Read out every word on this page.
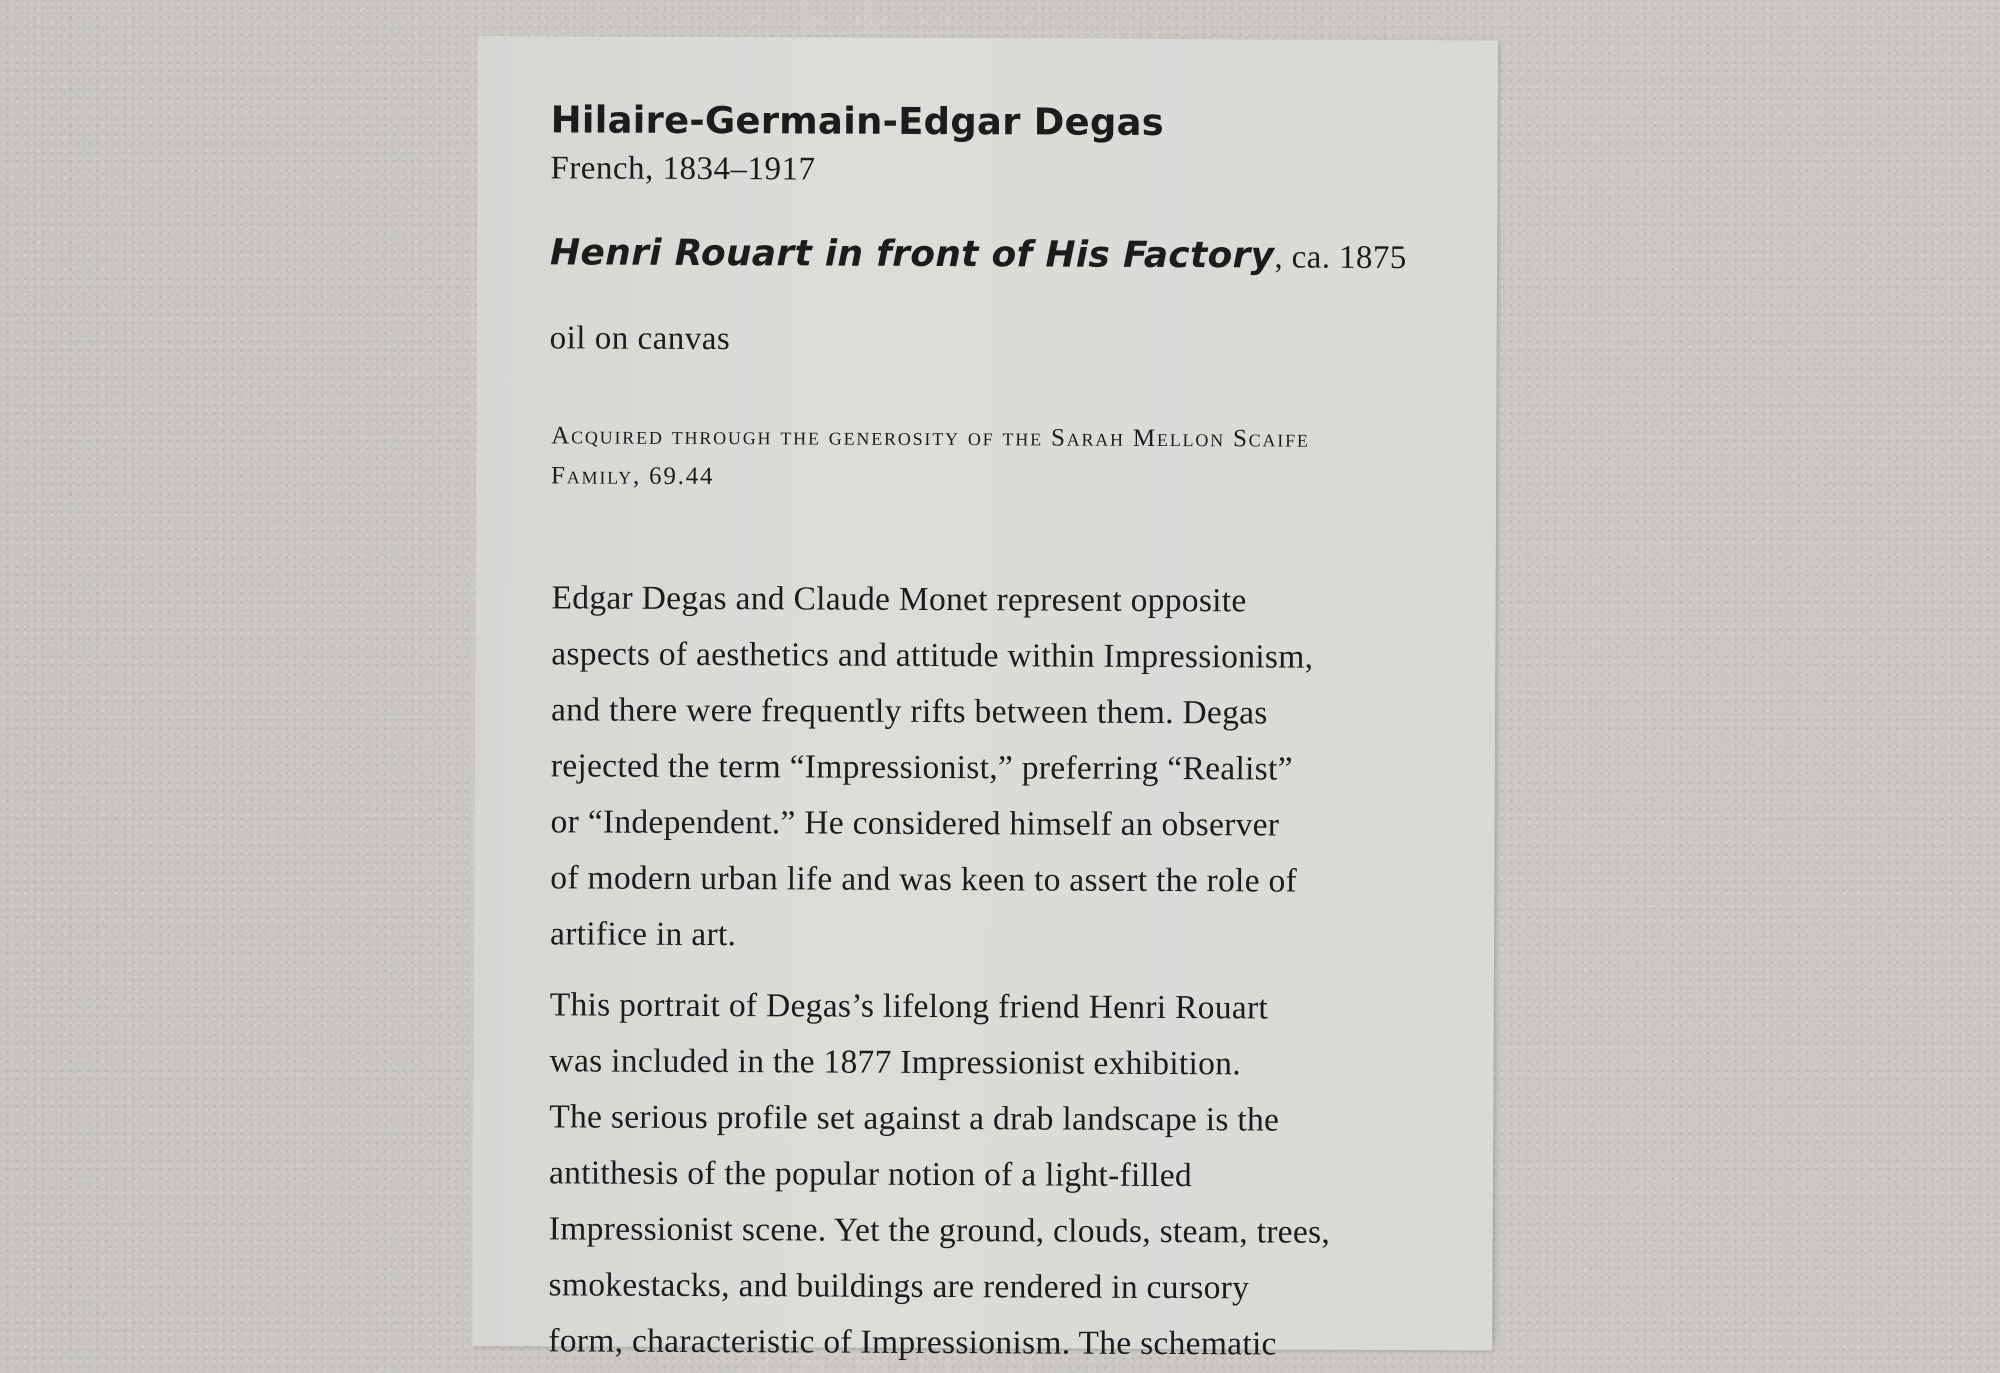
Hilaire-Germain-Edgar Degas
French, 1834–1917
Henri Rouart in front of His Factory, ca. 1875
oil on canvas
Acquired through the generosity of the Sarah Mellon Scaife
Family, 69.44
Edgar Degas and Claude Monet represent opposite
aspects of aesthetics and attitude within Impressionism,
and there were frequently rifts between them. Degas
rejected the term “Impressionist,” preferring “Realist”
or “Independent.” He considered himself an observer
of modern urban life and was keen to assert the role of
artifice in art.
This portrait of Degas’s lifelong friend Henri Rouart
was included in the 1877 Impressionist exhibition.
The serious profile set against a drab landscape is the
antithesis of the popular notion of a light-filled
Impressionist scene. Yet the ground, clouds, steam, trees,
smokestacks, and buildings are rendered in cursory
form, characteristic of Impressionism. The schematic
